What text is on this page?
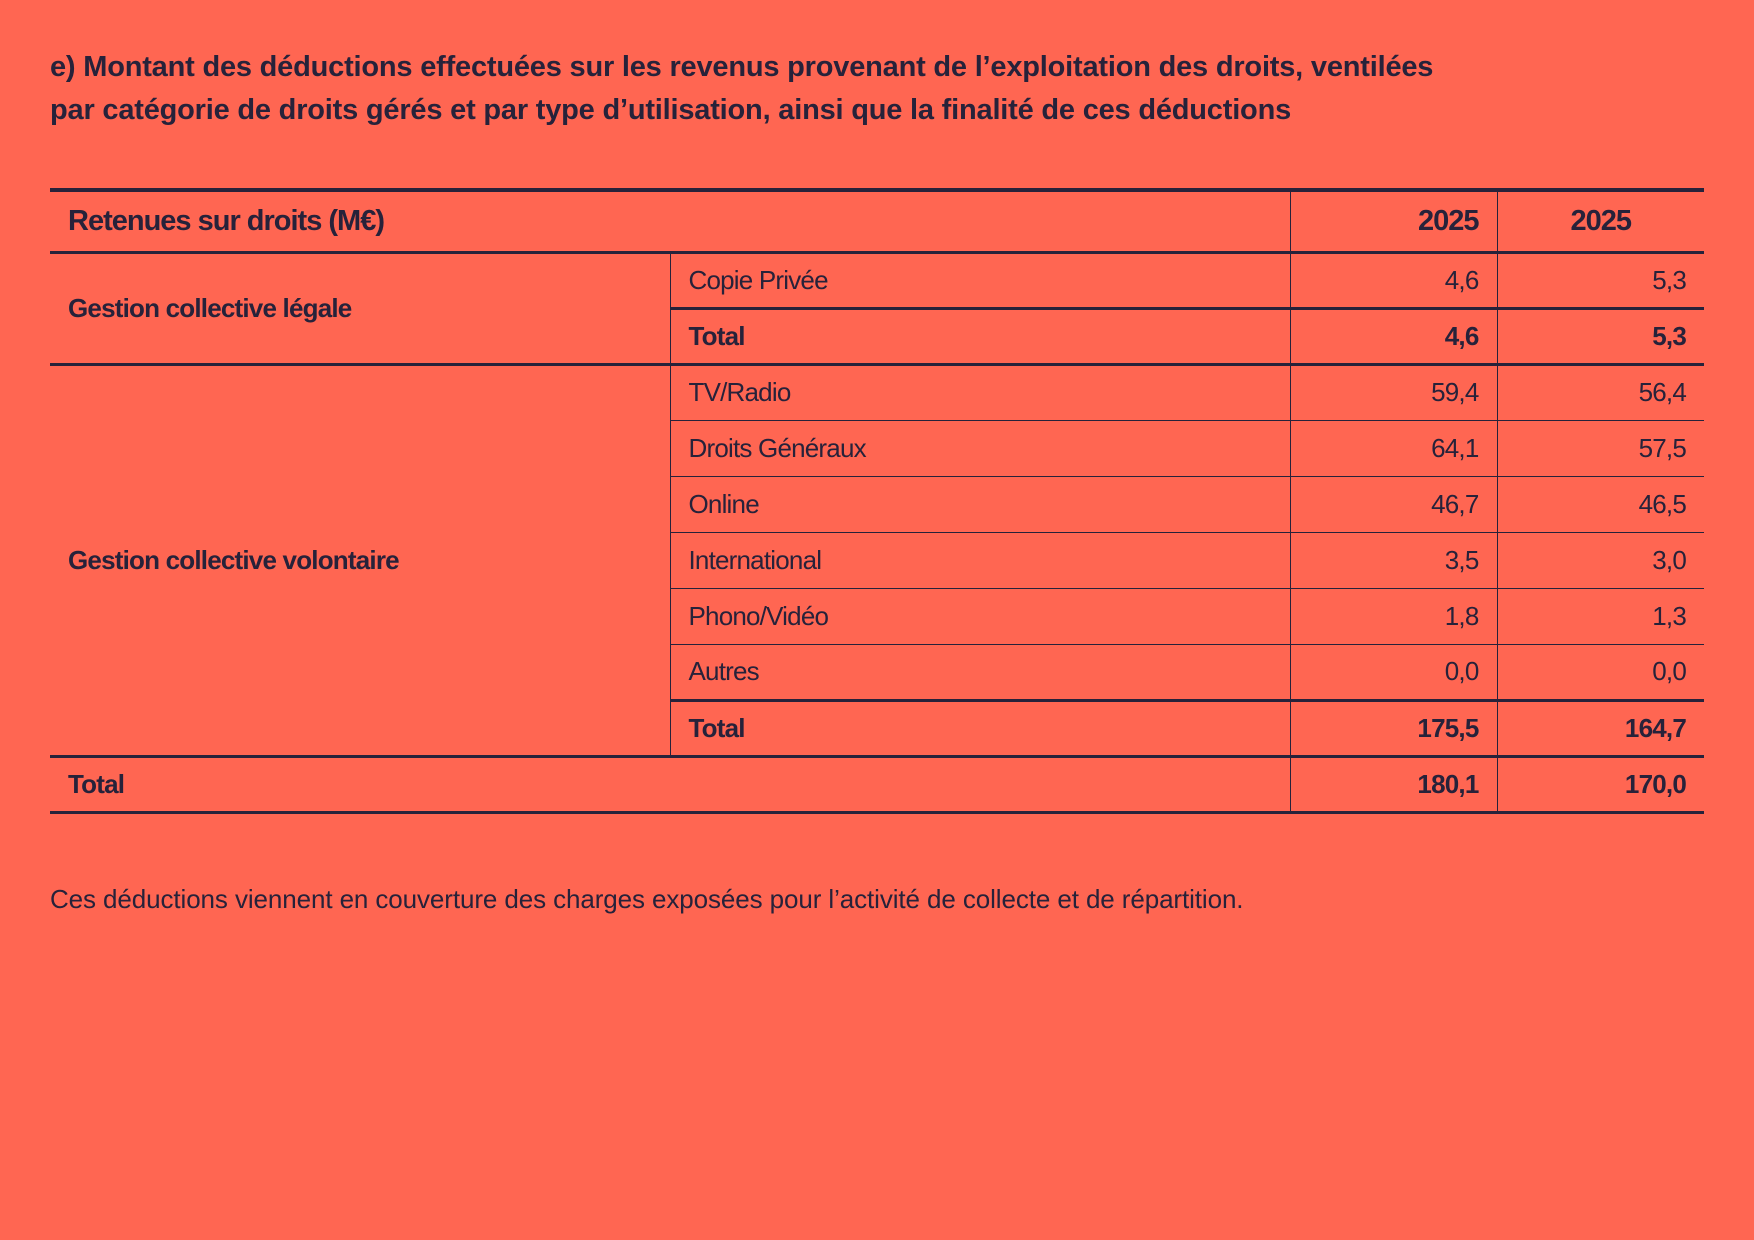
e) Montant des déductions effectuées sur les revenus provenant de l’exploitation des droits, ventilées
par catégorie de droits gérés et par type d’utilisation, ainsi que la finalité de ces déductions
Retenues sur droits (M€)		2025	2025
Gestion collective légale	Copie Privée	4,6	5,3
	Total	4,6	5,3
Gestion collective volontaire	TV/Radio	59,4	56,4
	Droits Généraux	64,1	57,5
	Online	46,7	46,5
	International	3,5	3,0
	Phono/Vidéo	1,8	1,3
	Autres	0,0	0,0
	Total	175,5	164,7
Total		180,1	170,0

Ces déductions viennent en couverture des charges exposées pour l’activité de collecte et de répartition.
